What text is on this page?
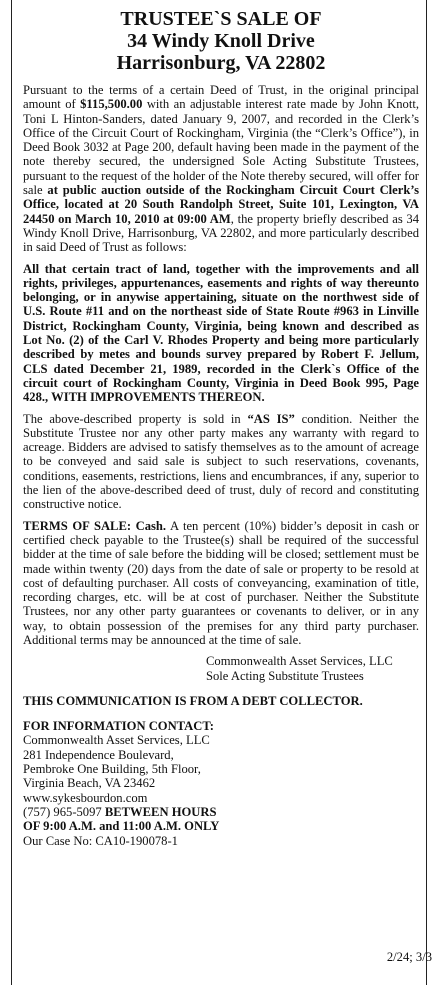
TRUSTEE`S SALE OF
34 Windy Knoll Drive
Harrisonburg, VA 22802

Pursuant to the terms of a certain Deed of Trust, in the original principal amount of $115,500.00 with an adjustable interest rate made by John Knott, Toni L Hinton-Sanders, dated January 9, 2007, and recorded in the Clerk’s Office of the Circuit Court of Rockingham, Virginia (the “Clerk’s Office”), in Deed Book 3032 at Page 200, default having been made in the payment of the note thereby secured, the undersigned Sole Acting Substitute Trustees, pursuant to the request of the holder of the Note thereby secured, will offer for sale at public auction outside of the Rockingham Circuit Court Clerk’s Office, located at 20 South Randolph Street, Suite 101, Lexington, VA 24450 on March 10, 2010 at 09:00 AM, the property briefly described as 34 Windy Knoll Drive, Harrisonburg, VA 22802, and more particularly described in said Deed of Trust as follows:

All that certain tract of land, together with the improvements and all rights, privileges, appurtenances, easements and rights of way thereunto belonging, or in anywise appertaining, situate on the northwest side of U.S. Route #11 and on the northeast side of State Route #963 in Linville District, Rockingham County, Virginia, being known and described as Lot No. (2) of the Carl V. Rhodes Property and being more particularly described by metes and bounds survey prepared by Robert F. Jellum, CLS dated December 21, 1989, recorded in the Clerk`s Office of the circuit court of Rockingham County, Virginia in Deed Book 995, Page 428., WITH IMPROVEMENTS THEREON.

The above-described property is sold in “AS IS” condition. Neither the Substitute Trustee nor any other party makes any warranty with regard to acreage. Bidders are advised to satisfy themselves as to the amount of acreage to be conveyed and said sale is subject to such reservations, covenants, conditions, easements, restrictions, liens and encumbrances, if any, superior to the lien of the above-described deed of trust, duly of record and constituting constructive notice.

TERMS OF SALE: Cash. A ten percent (10%) bidder’s deposit in cash or certified check payable to the Trustee(s) shall be required of the successful bidder at the time of sale before the bidding will be closed; settlement must be made within twenty (20) days from the date of sale or property to be resold at cost of defaulting purchaser. All costs of conveyancing, examination of title, recording charges, etc. will be at cost of purchaser. Neither the Substitute Trustees, nor any other party guarantees or covenants to deliver, or in any way, to obtain possession of the premises for any third party purchaser. Additional terms may be announced at the time of sale.

Commonwealth Asset Services, LLC
Sole Acting Substitute Trustees

THIS COMMUNICATION IS FROM A DEBT COLLECTOR.

FOR INFORMATION CONTACT:
Commonwealth Asset Services, LLC
281 Independence Boulevard,
Pembroke One Building, 5th Floor,
Virginia Beach, VA 23462
www.sykesbourdon.com
(757) 965-5097 BETWEEN HOURS
OF 9:00 A.M. and 11:00 A.M. ONLY
Our Case No: CA10-190078-1
2/24; 3/3
